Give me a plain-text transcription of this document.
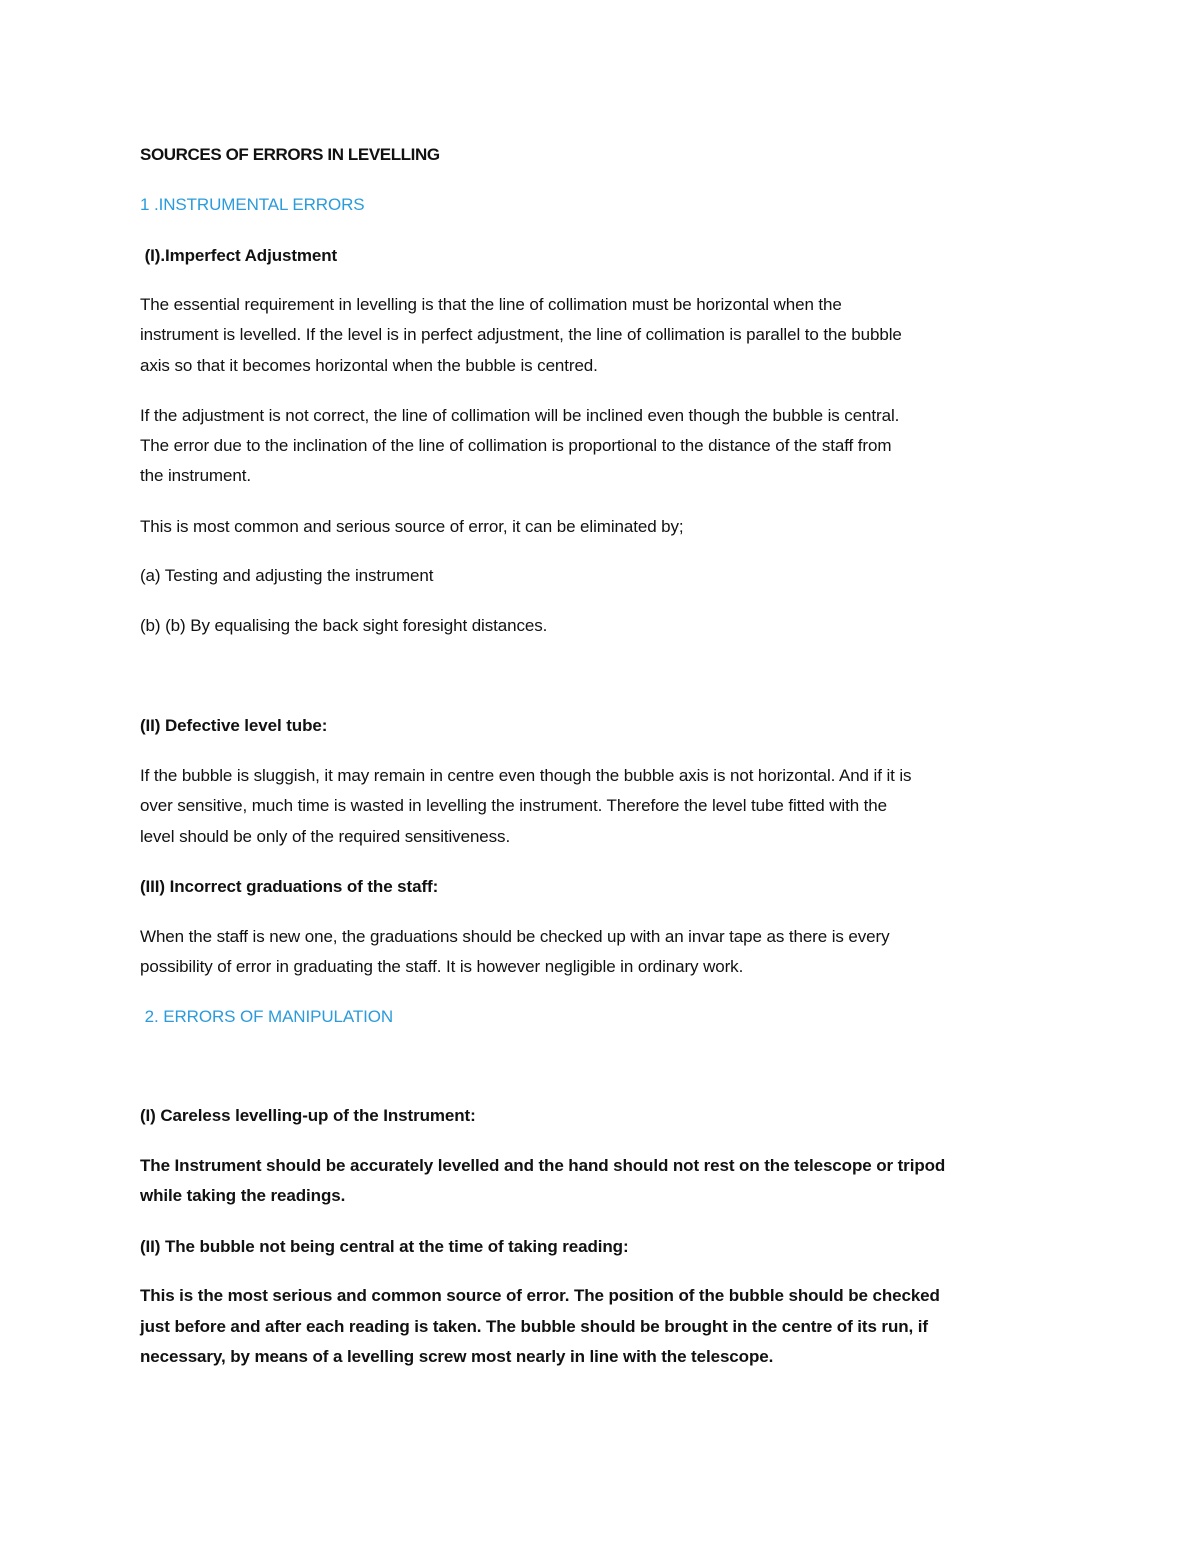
SOURCES OF ERRORS IN LEVELLING
1 .INSTRUMENTAL ERRORS
(I).Imperfect Adjustment
The essential requirement in levelling is that the line of collimation must be horizontal when the
instrument is levelled. If the level is in perfect adjustment, the line of collimation is parallel to the bubble
axis so that it becomes horizontal when the bubble is centred.
If the adjustment is not correct, the line of collimation will be inclined even though the bubble is central.
The error due to the inclination of the line of collimation is proportional to the distance of the staff from
the instrument.
This is most common and serious source of error, it can be eliminated by;
(a) Testing and adjusting the instrument
(b) (b) By equalising the back sight foresight distances.
(II) Defective level tube:
If the bubble is sluggish, it may remain in centre even though the bubble axis is not horizontal. And if it is
over sensitive, much time is wasted in levelling the instrument. Therefore the level tube fitted with the
level should be only of the required sensitiveness.
(III) Incorrect graduations of the staff:
When the staff is new one, the graduations should be checked up with an invar tape as there is every
possibility of error in graduating the staff. It is however negligible in ordinary work.
2. ERRORS OF MANIPULATION
(I) Careless levelling-up of the Instrument:
The Instrument should be accurately levelled and the hand should not rest on the telescope or tripod
while taking the readings.
(II) The bubble not being central at the time of taking reading:
This is the most serious and common source of error. The position of the bubble should be checked
just before and after each reading is taken. The bubble should be brought in the centre of its run, if
necessary, by means of a levelling screw most nearly in line with the telescope.
